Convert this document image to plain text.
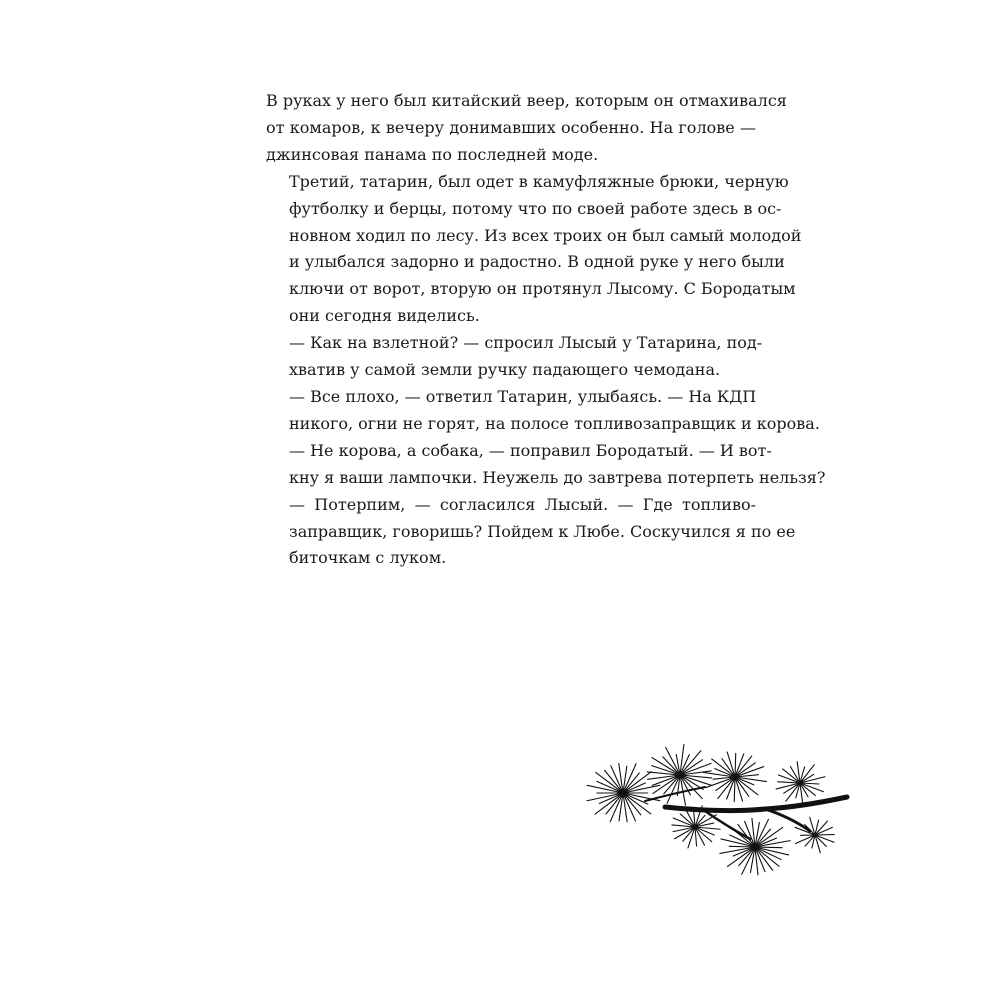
В руках у него был китайский веер, которым он отмахивался
от комаров, к вечеру донимавших особенно. На голове —
джинсовая панама по последней моде.

Третий, татарин, был одет в камуфляжные брюки, черную
футболку и берцы, потому что по своей работе здесь в ос-
новном ходил по лесу. Из всех троих он был самый молодой
и улыбался задорно и радостно. В одной руке у него были
ключи от ворот, вторую он протянул Лысому. С Бородатым
они сегодня виделись.

— Как на взлетной? — спросил Лысый у Татарина, под-
хватив у самой земли ручку падающего чемодана.

— Все плохо, — ответил Татарин, улыбаясь. — На КДП
никого, огни не горят, на полосе топливозаправщик и корова.

— Не корова, а собака, — поправил Бородатый. — И вот-
кну я ваши лампочки. Неужель до завтрева потерпеть нельзя?

— Потерпим, — согласился Лысый. — Где топливо-
заправщик, говоришь? Пойдем к Любе. Соскучился я по ее
биточкам с луком.
